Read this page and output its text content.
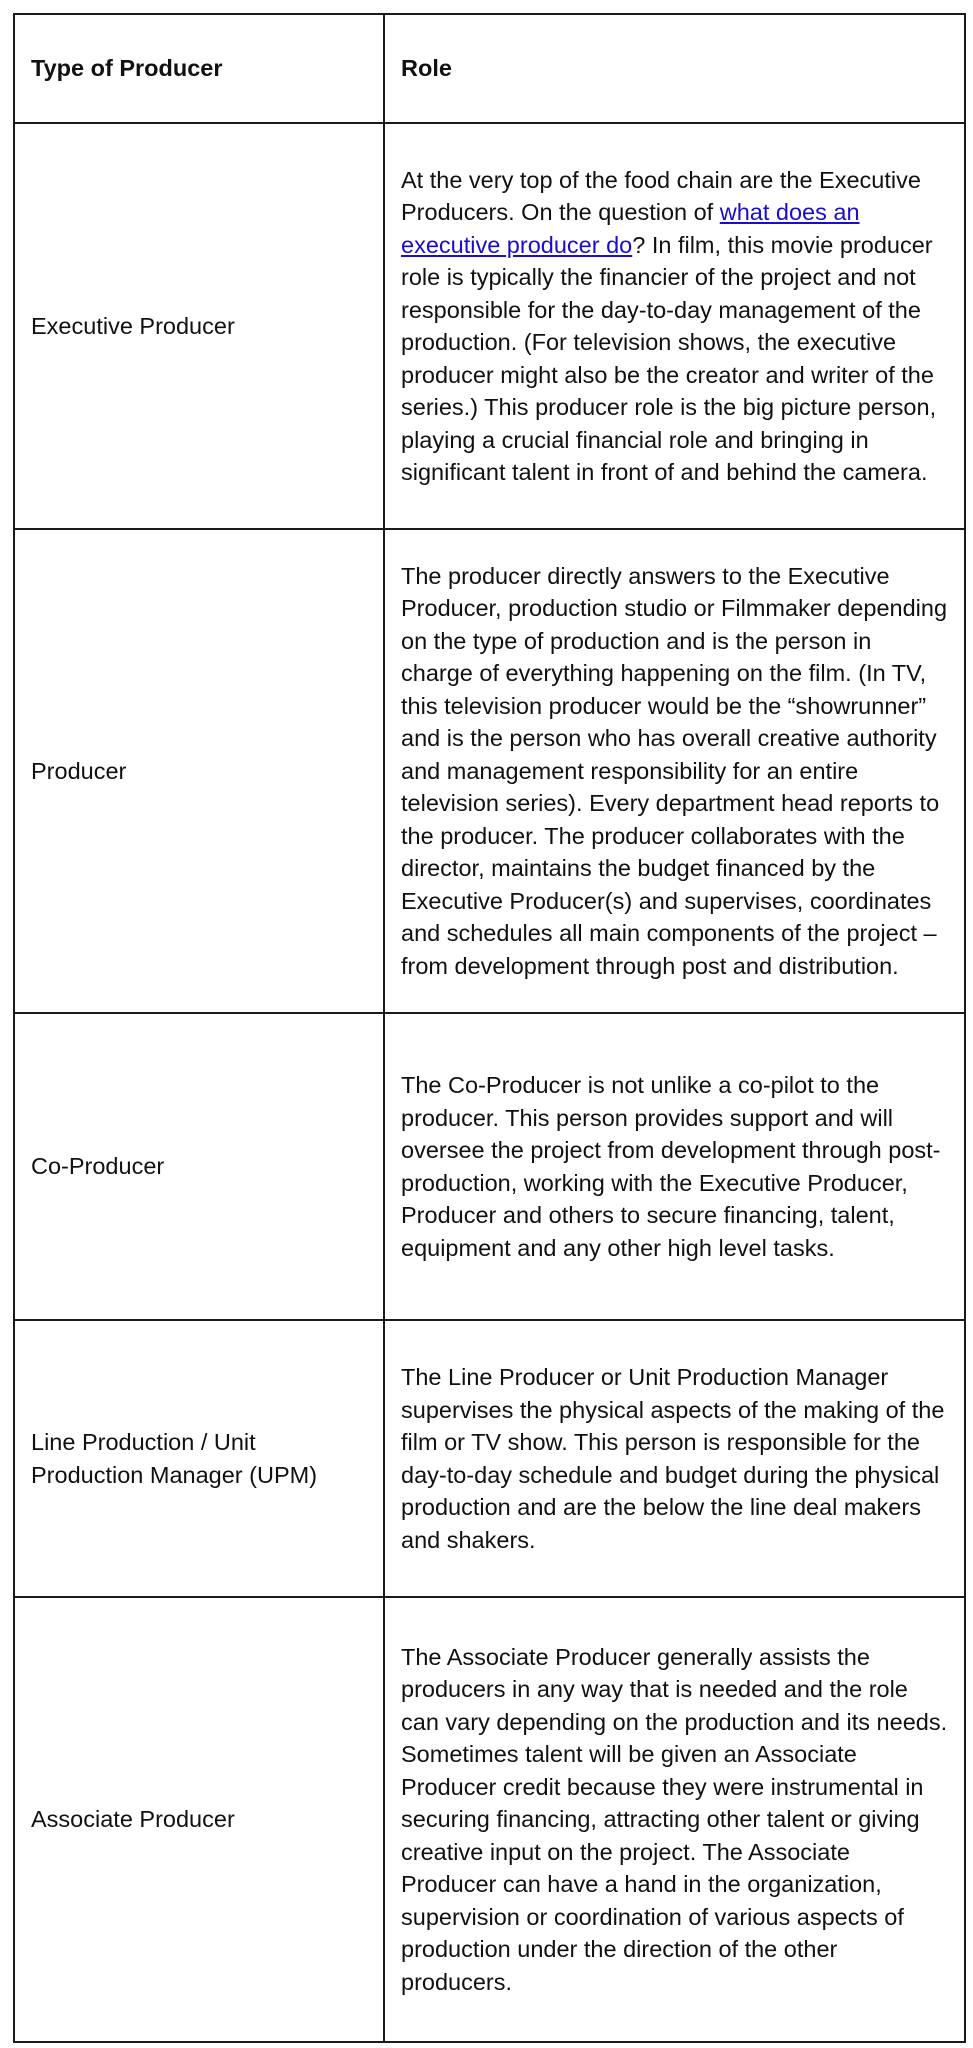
Type of Producer	Role
Executive Producer	At the very top of the food chain are the Executive Producers. On the question of what does an executive producer do? In film, this movie producer role is typically the financier of the project and not responsible for the day-to-day management of the production. (For television shows, the executive producer might also be the creator and writer of the series.) This producer role is the big picture person, playing a crucial financial role and bringing in significant talent in front of and behind the camera.
Producer	The producer directly answers to the Executive Producer, production studio or Filmmaker depending on the type of production and is the person in charge of everything happening on the film. (In TV, this television producer would be the “showrunner” and is the person who has overall creative authority and management responsibility for an entire television series). Every department head reports to the producer. The producer collaborates with the director, maintains the budget financed by the Executive Producer(s) and supervises, coordinates and schedules all main components of the project – from development through post and distribution.
Co-Producer	The Co-Producer is not unlike a co-pilot to the producer. This person provides support and will oversee the project from development through post-production, working with the Executive Producer, Producer and others to secure financing, talent, equipment and any other high level tasks.
Line Production / Unit Production Manager (UPM)	The Line Producer or Unit Production Manager supervises the physical aspects of the making of the film or TV show. This person is responsible for the day-to-day schedule and budget during the physical production and are the below the line deal makers and shakers.
Associate Producer	The Associate Producer generally assists the producers in any way that is needed and the role can vary depending on the production and its needs. Sometimes talent will be given an Associate Producer credit because they were instrumental in securing financing, attracting other talent or giving creative input on the project. The Associate Producer can have a hand in the organization, supervision or coordination of various aspects of production under the direction of the other producers.
